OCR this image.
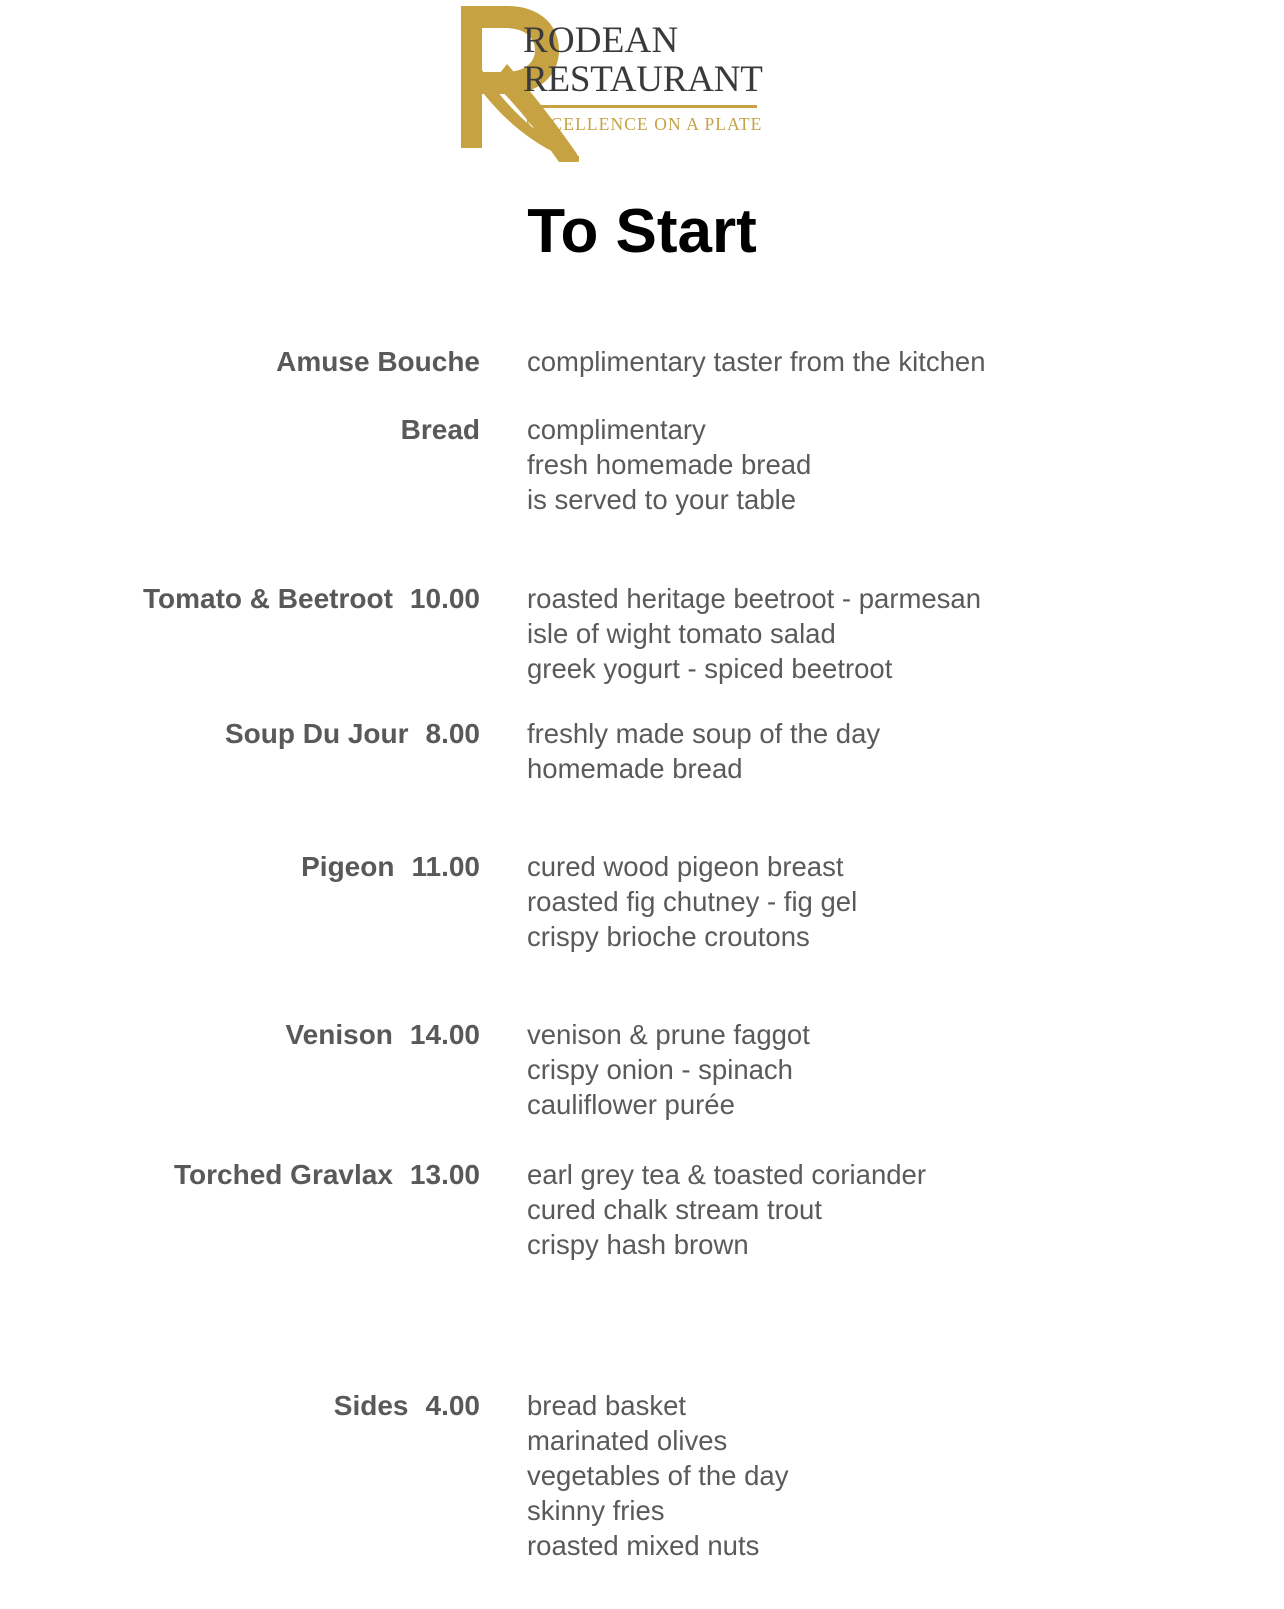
RODEAN
RESTAURANT
EXCELLENCE ON A PLATE
To Start
Amuse Bouche complimentary taster from the kitchen
Bread complimentary
fresh homemade bread
is served to your table
Tomato & Beetroot 10.00 roasted heritage beetroot - parmesan
isle of wight tomato salad
greek yogurt - spiced beetroot
Soup Du Jour 8.00 freshly made soup of the day
homemade bread
Pigeon 11.00 cured wood pigeon breast
roasted fig chutney - fig gel
crispy brioche croutons
Venison 14.00 venison & prune faggot
crispy onion - spinach
cauliflower purée
Torched Gravlax 13.00 earl grey tea & toasted coriander
cured chalk stream trout
crispy hash brown
Sides 4.00 bread basket
marinated olives
vegetables of the day
skinny fries
roasted mixed nuts
